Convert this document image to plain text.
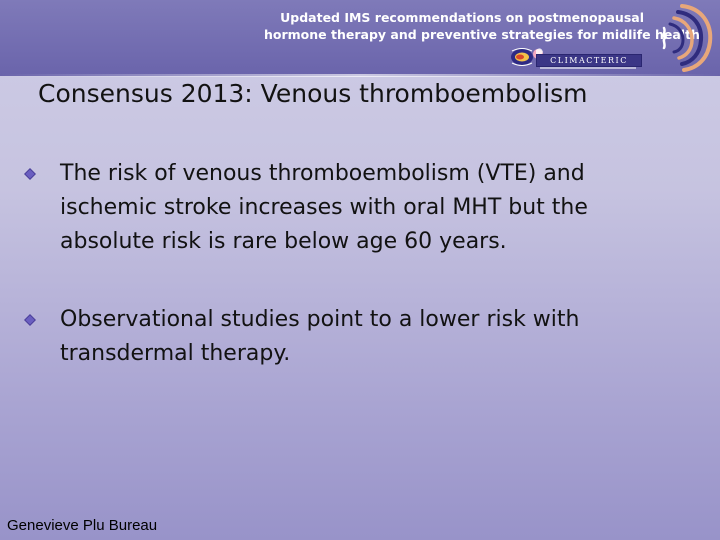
Updated IMS recommendations on postmenopausal
hormone therapy and preventive strategies for midlife health
CLIMACTERIC
Consensus 2013: Venous thromboembolism
The risk of venous thromboembolism (VTE) and ischemic stroke increases with oral MHT but the absolute risk is rare below age 60 years.
Observational studies point to a lower risk with transdermal therapy.
Genevieve Plu Bureau
